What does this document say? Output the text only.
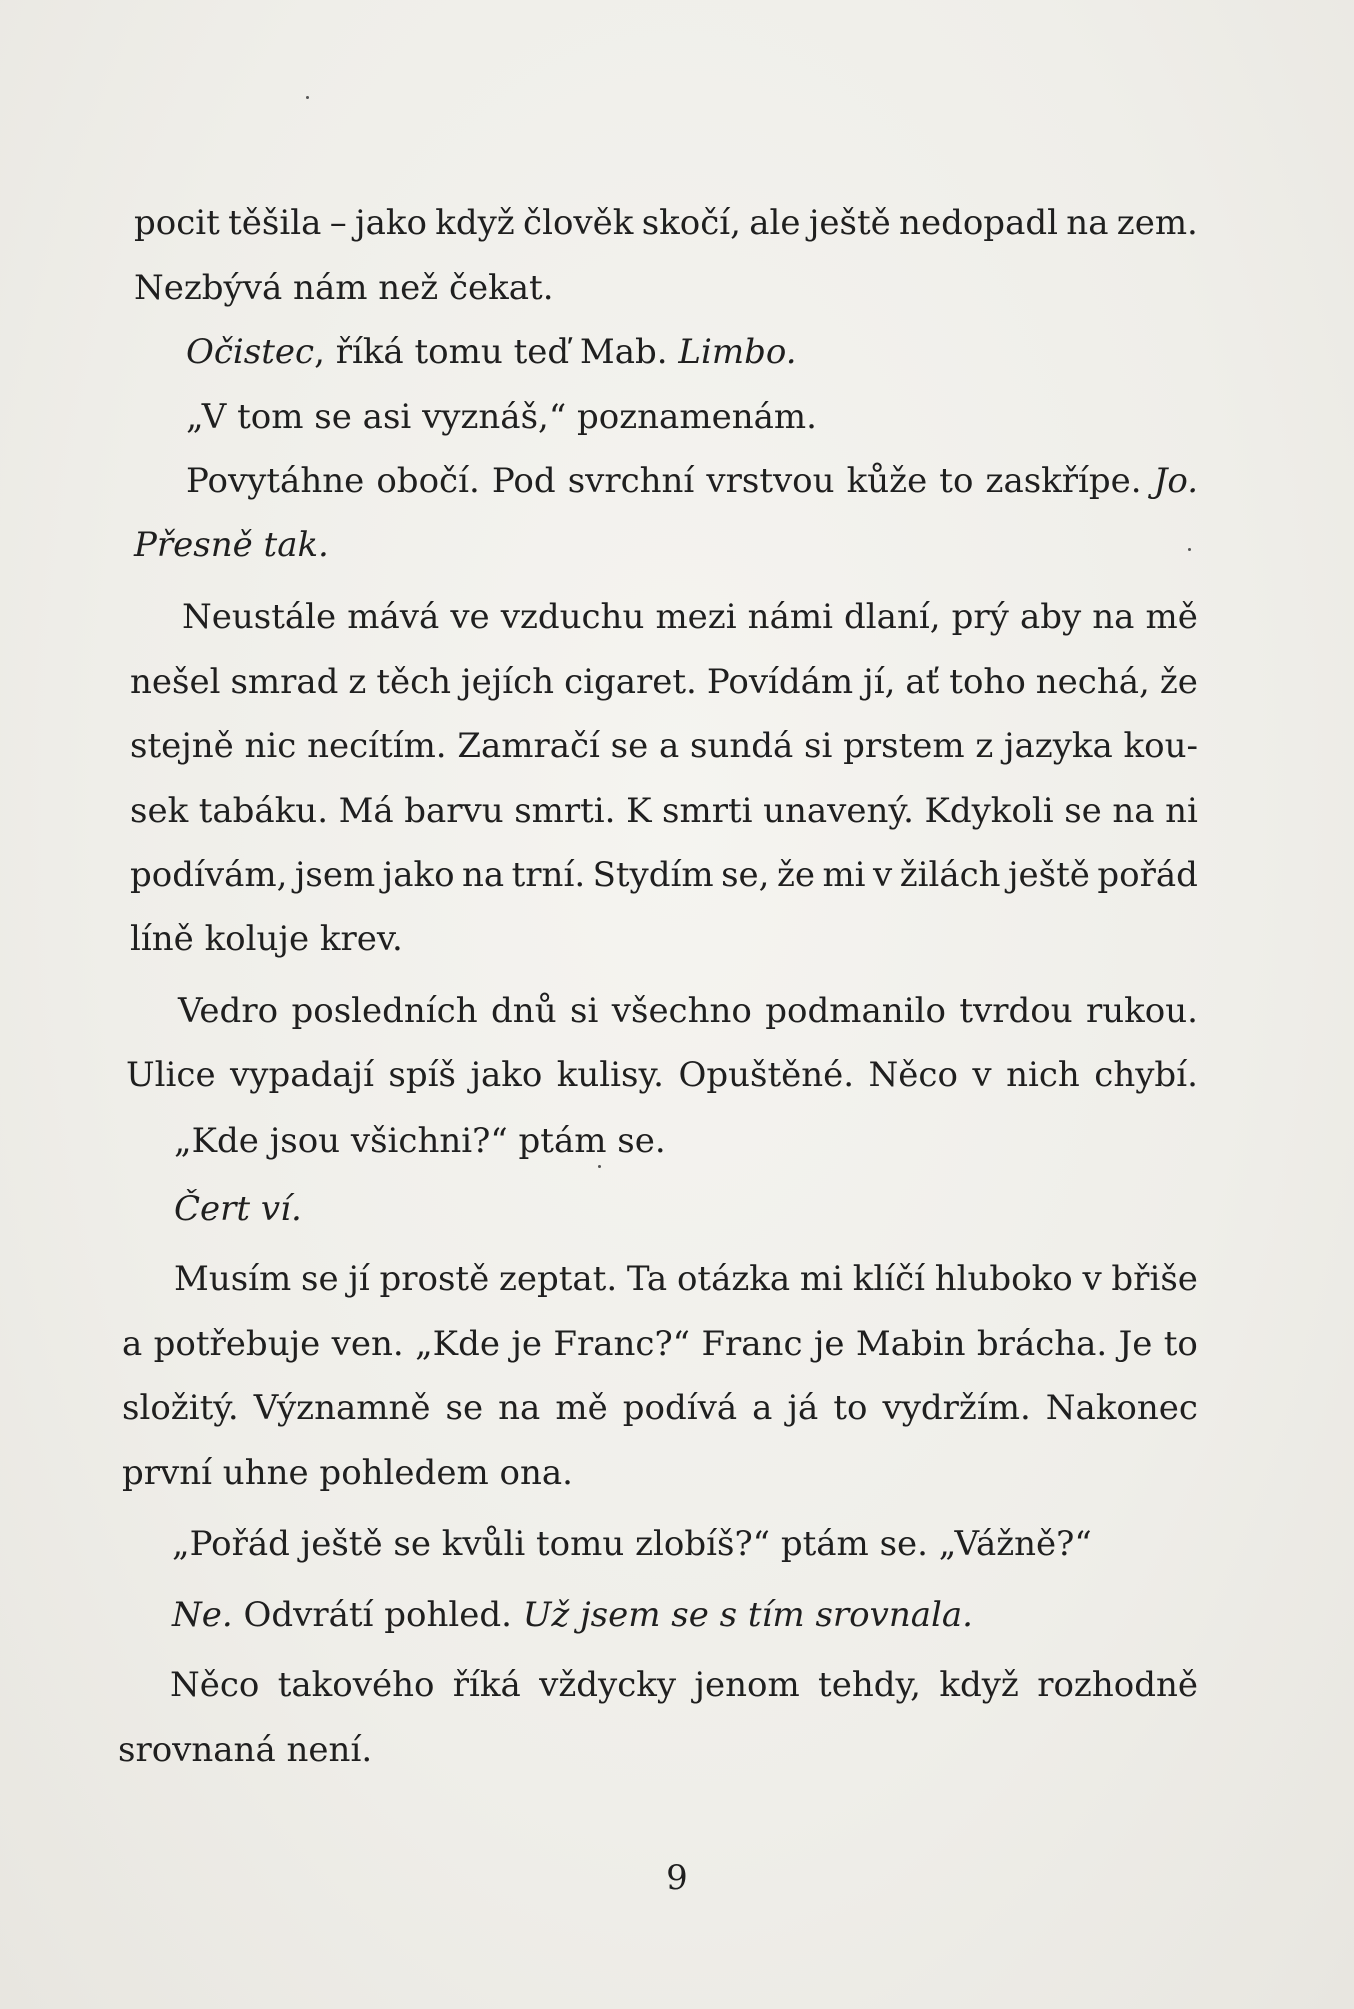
pocit těšila – jako když člověk skočí, ale ještě nedopadl na zem.
Nezbývá nám než čekat.
Očistec, říká tomu teď Mab. Limbo.
„V tom se asi vyznáš,“ poznamenám.
Povytáhne obočí. Pod svrchní vrstvou kůže to zaskřípe. Jo.
Přesně tak.
Neustále mává ve vzduchu mezi námi dlaní, prý aby na mě
nešel smrad z těch jejích cigaret. Povídám jí, ať toho nechá, že
stejně nic necítím. Zamračí se a sundá si prstem z jazyka kou-
sek tabáku. Má barvu smrti. K smrti unavený. Kdykoli se na ni
podívám, jsem jako na trní. Stydím se, že mi v žilách ještě pořád
líně koluje krev.
Vedro posledních dnů si všechno podmanilo tvrdou rukou.
Ulice vypadají spíš jako kulisy. Opuštěné. Něco v nich chybí.
„Kde jsou všichni?“ ptám se.
Čert ví.
Musím se jí prostě zeptat. Ta otázka mi klíčí hluboko v břiše
a potřebuje ven. „Kde je Franc?“ Franc je Mabin brácha. Je to
složitý. Významně se na mě podívá a já to vydržím. Nakonec
první uhne pohledem ona.
„Pořád ještě se kvůli tomu zlobíš?“ ptám se. „Vážně?“
Ne. Odvrátí pohled. Už jsem se s tím srovnala.
Něco takového říká vždycky jenom tehdy, když rozhodně
srovnaná není.
9
